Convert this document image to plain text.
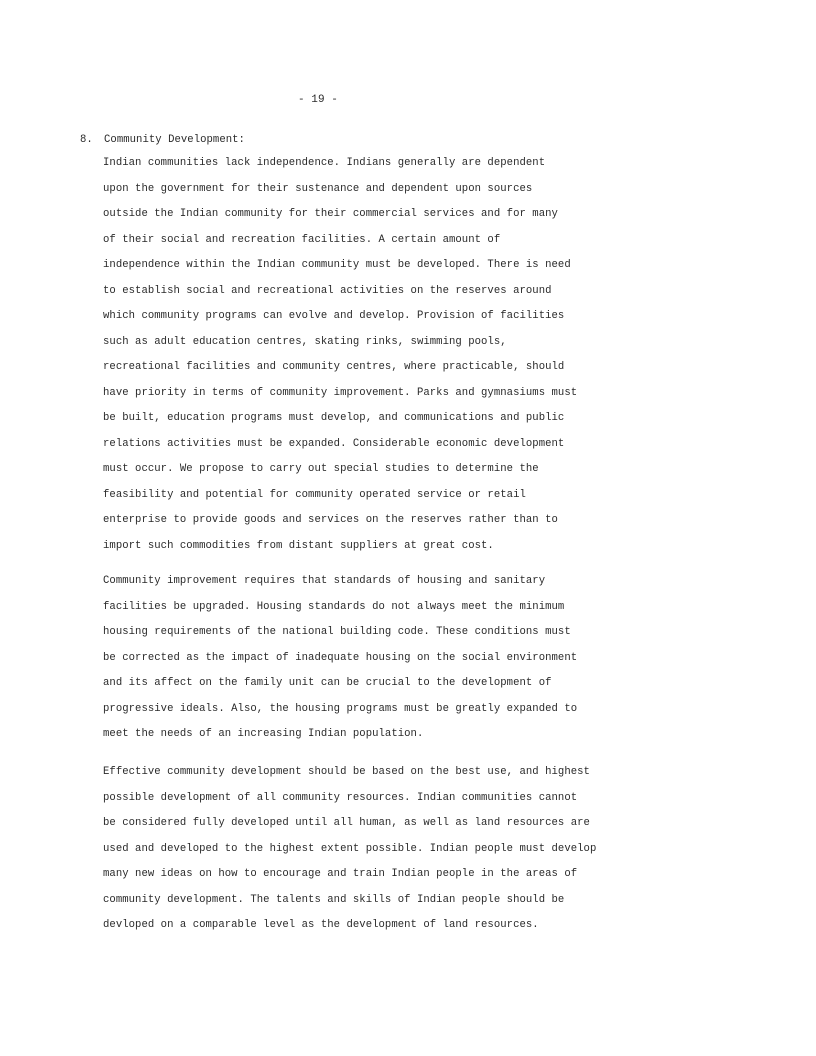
- 19 -
8. Community Development:
Indian communities lack independence. Indians generally are dependent
upon the government for their sustenance and dependent upon sources
outside the Indian community for their commercial services and for many
of their social and recreation facilities. A certain amount of
independence within the Indian community must be developed. There is need
to establish social and recreational activities on the reserves around
which community programs can evolve and develop. Provision of facilities
such as adult education centres, skating rinks, swimming pools,
recreational facilities and community centres, where practicable, should
have priority in terms of community improvement. Parks and gymnasiums must
be built, education programs must develop, and communications and public
relations activities must be expanded. Considerable economic development
must occur. We propose to carry out special studies to determine the
feasibility and potential for community operated service or retail
enterprise to provide goods and services on the reserves rather than to
import such commodities from distant suppliers at great cost.
Community improvement requires that standards of housing and sanitary
facilities be upgraded. Housing standards do not always meet the minimum
housing requirements of the national building code. These conditions must
be corrected as the impact of inadequate housing on the social environment
and its affect on the family unit can be crucial to the development of
progressive ideals. Also, the housing programs must be greatly expanded to
meet the needs of an increasing Indian population.
Effective community development should be based on the best use, and highest
possible development of all community resources. Indian communities cannot
be considered fully developed until all human, as well as land resources are
used and developed to the highest extent possible. Indian people must develop
many new ideas on how to encourage and train Indian people in the areas of
community development. The talents and skills of Indian people should be
devloped on a comparable level as the development of land resources.
